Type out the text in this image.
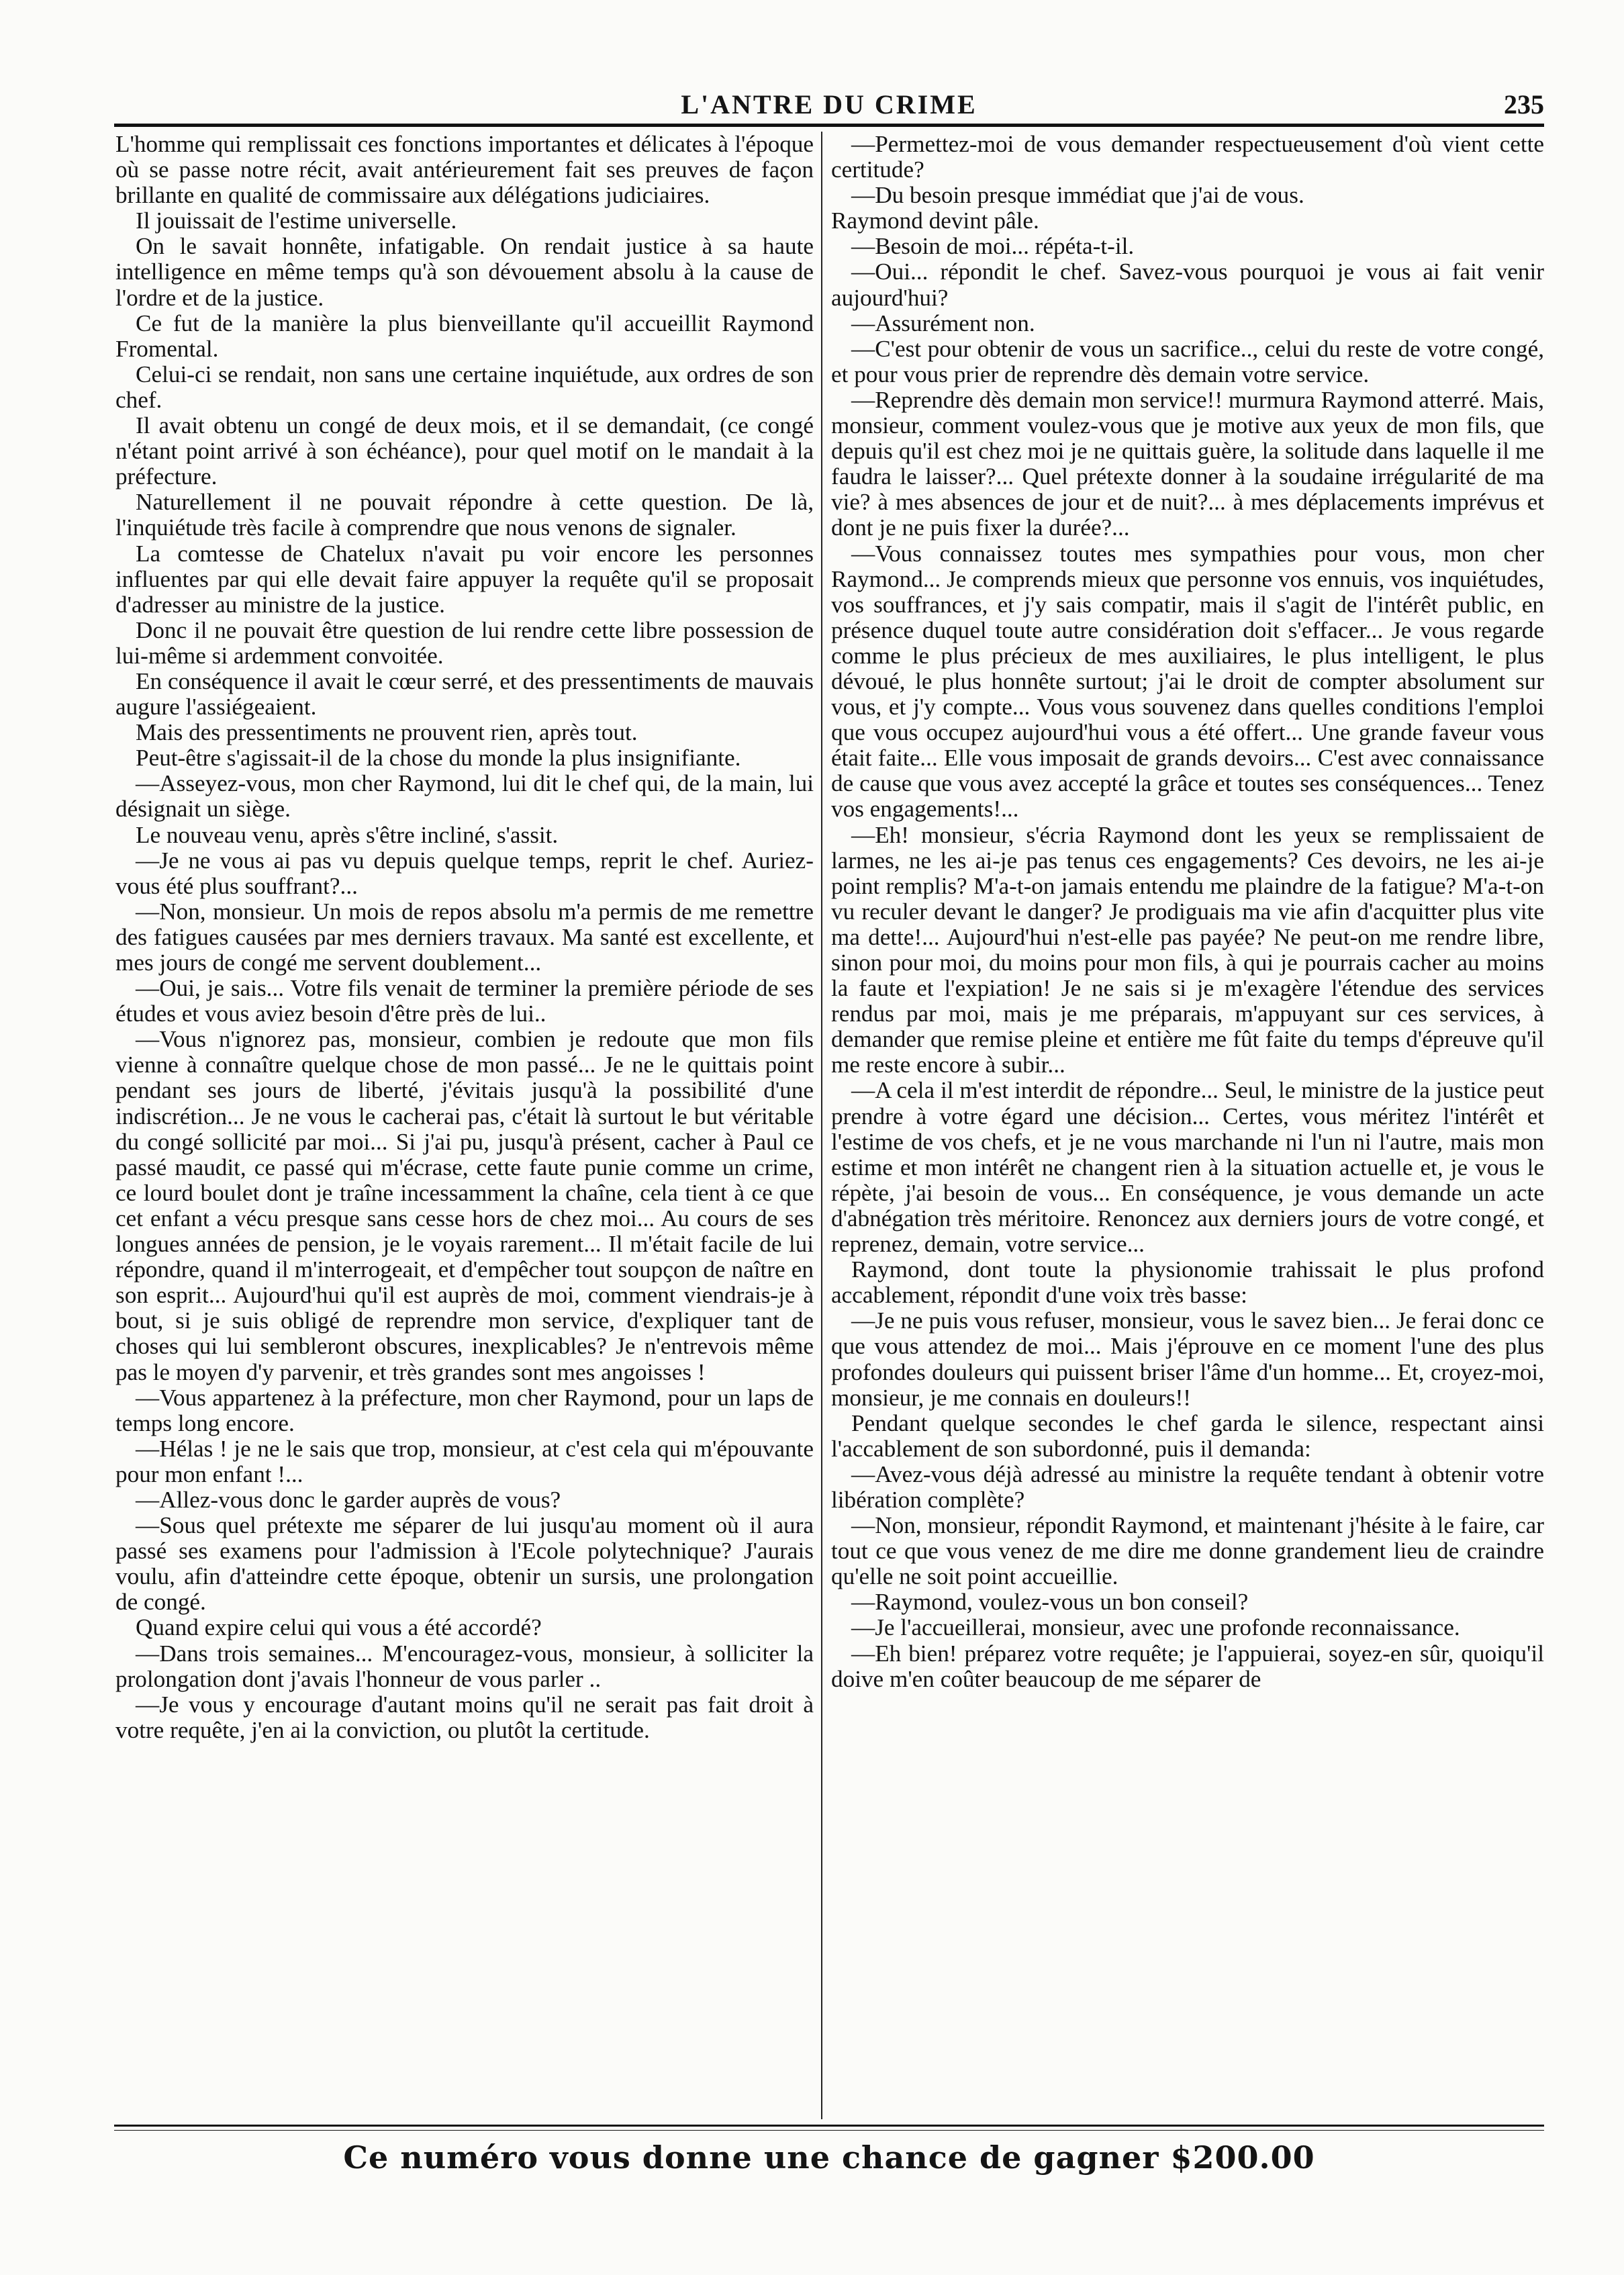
L'ANTRE DU CRIME	235

L'homme qui remplissait ces fonctions importantes et délicates à l'époque où se passe notre récit, avait antérieurement fait ses preuves de façon brillante en qualité de commissaire aux délégations judiciaires.

Il jouissait de l'estime universelle.

On le savait honnête, infatigable. On rendait justice à sa haute intelligence en même temps qu'à son dévouement absolu à la cause de l'ordre et de la justice.

Ce fut de la manière la plus bienveillante qu'il accueillit Raymond Fromental.

Celui-ci se rendait, non sans une certaine inquiétude, aux ordres de son chef.

Il avait obtenu un congé de deux mois, et il se demandait, (ce congé n'étant point arrivé à son échéance), pour quel motif on le mandait à la préfecture.

Naturellement il ne pouvait répondre à cette question. De là, l'inquiétude très facile à comprendre que nous venons de signaler.

La comtesse de Chatelux n'avait pu voir encore les personnes influentes par qui elle devait faire appuyer la requête qu'il se proposait d'adresser au ministre de la justice.

Donc il ne pouvait être question de lui rendre cette libre possession de lui-même si ardemment convoitée.

En conséquence il avait le cœur serré, et des pressentiments de mauvais augure l'assiégeaient.

Mais des pressentiments ne prouvent rien, après tout.

Peut-être s'agissait-il de la chose du monde la plus insignifiante.

—Asseyez-vous, mon cher Raymond, lui dit le chef qui, de la main, lui désignait un siège.

Le nouveau venu, après s'être incliné, s'assit.

—Je ne vous ai pas vu depuis quelque temps, reprit le chef. Auriez-vous été plus souffrant?...

—Non, monsieur. Un mois de repos absolu m'a permis de me remettre des fatigues causées par mes derniers travaux. Ma santé est excellente, et mes jours de congé me servent doublement...

—Oui, je sais... Votre fils venait de terminer la première période de ses études et vous aviez besoin d'être près de lui..

—Vous n'ignorez pas, monsieur, combien je redoute que mon fils vienne à connaître quelque chose de mon passé... Je ne le quittais point pendant ses jours de liberté, j'évitais jusqu'à la possibilité d'une indiscrétion... Je ne vous le cacherai pas, c'était là surtout le but véritable du congé sollicité par moi... Si j'ai pu, jusqu'à présent, cacher à Paul ce passé maudit, ce passé qui m'écrase, cette faute punie comme un crime, ce lourd boulet dont je traîne incessamment la chaîne, cela tient à ce que cet enfant a vécu presque sans cesse hors de chez moi... Au cours de ses longues années de pension, je le voyais rarement... Il m'était facile de lui répondre, quand il m'interrogeait, et d'empêcher tout soupçon de naître en son esprit... Aujourd'hui qu'il est auprès de moi, comment viendrais-je à bout, si je suis obligé de reprendre mon service, d'expliquer tant de choses qui lui sembleront obscures, inexplicables? Je n'entrevois même pas le moyen d'y parvenir, et très grandes sont mes angoisses !

—Vous appartenez à la préfecture, mon cher Raymond, pour un laps de temps long encore.

—Hélas ! je ne le sais que trop, monsieur, at c'est cela qui m'épouvante pour mon enfant !...

—Allez-vous donc le garder auprès de vous?

—Sous quel prétexte me séparer de lui jusqu'au moment où il aura passé ses examens pour l'admission à l'Ecole polytechnique? J'aurais voulu, afin d'atteindre cette époque, obtenir un sursis, une prolongation de congé.

Quand expire celui qui vous a été accordé?

—Dans trois semaines... M'encouragez-vous, monsieur, à solliciter la prolongation dont j'avais l'honneur de vous parler ..

—Je vous y encourage d'autant moins qu'il ne serait pas fait droit à votre requête, j'en ai la conviction, ou plutôt la certitude.

—Permettez-moi de vous demander respectueusement d'où vient cette certitude?

—Du besoin presque immédiat que j'ai de vous.

Raymond devint pâle.

—Besoin de moi... répéta-t-il.

—Oui... répondit le chef. Savez-vous pourquoi je vous ai fait venir aujourd'hui?

—Assurément non.

—C'est pour obtenir de vous un sacrifice.., celui du reste de votre congé, et pour vous prier de reprendre dès demain votre service.

—Reprendre dès demain mon service!! murmura Raymond atterré. Mais, monsieur, comment voulez-vous que je motive aux yeux de mon fils, que depuis qu'il est chez moi je ne quittais guère, la solitude dans laquelle il me faudra le laisser?... Quel prétexte donner à la soudaine irrégularité de ma vie? à mes absences de jour et de nuit?... à mes déplacements imprévus et dont je ne puis fixer la durée?...

—Vous connaissez toutes mes sympathies pour vous, mon cher Raymond... Je comprends mieux que personne vos ennuis, vos inquiétudes, vos souffrances, et j'y sais compatir, mais il s'agit de l'intérêt public, en présence duquel toute autre considération doit s'effacer... Je vous regarde comme le plus précieux de mes auxiliaires, le plus intelligent, le plus dévoué, le plus honnête surtout; j'ai le droit de compter absolument sur vous, et j'y compte... Vous vous souvenez dans quelles conditions l'emploi que vous occupez aujourd'hui vous a été offert... Une grande faveur vous était faite... Elle vous imposait de grands devoirs... C'est avec connaissance de cause que vous avez accepté la grâce et toutes ses conséquences... Tenez vos engagements!...

—Eh! monsieur, s'écria Raymond dont les yeux se remplissaient de larmes, ne les ai-je pas tenus ces engagements? Ces devoirs, ne les ai-je point remplis? M'a-t-on jamais entendu me plaindre de la fatigue? M'a-t-on vu reculer devant le danger? Je prodiguais ma vie afin d'acquitter plus vite ma dette!... Aujourd'hui n'est-elle pas payée? Ne peut-on me rendre libre, sinon pour moi, du moins pour mon fils, à qui je pourrais cacher au moins la faute et l'expiation! Je ne sais si je m'exagère l'étendue des services rendus par moi, mais je me préparais, m'appuyant sur ces services, à demander que remise pleine et entière me fût faite du temps d'épreuve qu'il me reste encore à subir...

—A cela il m'est interdit de répondre... Seul, le ministre de la justice peut prendre à votre égard une décision... Certes, vous méritez l'intérêt et l'estime de vos chefs, et je ne vous marchande ni l'un ni l'autre, mais mon estime et mon intérêt ne changent rien à la situation actuelle et, je vous le répète, j'ai besoin de vous... En conséquence, je vous demande un acte d'abnégation très méritoire. Renoncez aux derniers jours de votre congé, et reprenez, demain, votre service...

Raymond, dont toute la physionomie trahissait le plus profond accablement, répondit d'une voix très basse:

—Je ne puis vous refuser, monsieur, vous le savez bien... Je ferai donc ce que vous attendez de moi... Mais j'éprouve en ce moment l'une des plus profondes douleurs qui puissent briser l'âme d'un homme... Et, croyez-moi, monsieur, je me connais en douleurs!!

Pendant quelque secondes le chef garda le silence, respectant ainsi l'accablement de son subordonné, puis il demanda:

—Avez-vous déjà adressé au ministre la requête tendant à obtenir votre libération complète?

—Non, monsieur, répondit Raymond, et maintenant j'hésite à le faire, car tout ce que vous venez de me dire me donne grandement lieu de craindre qu'elle ne soit point accueillie.

—Raymond, voulez-vous un bon conseil?

—Je l'accueillerai, monsieur, avec une profonde reconnaissance.

—Eh bien! préparez votre requête; je l'appuierai, soyez-en sûr, quoiqu'il doive m'en coûter beaucoup de me séparer de

Ce numéro vous donne une chance de gagner $200.00
